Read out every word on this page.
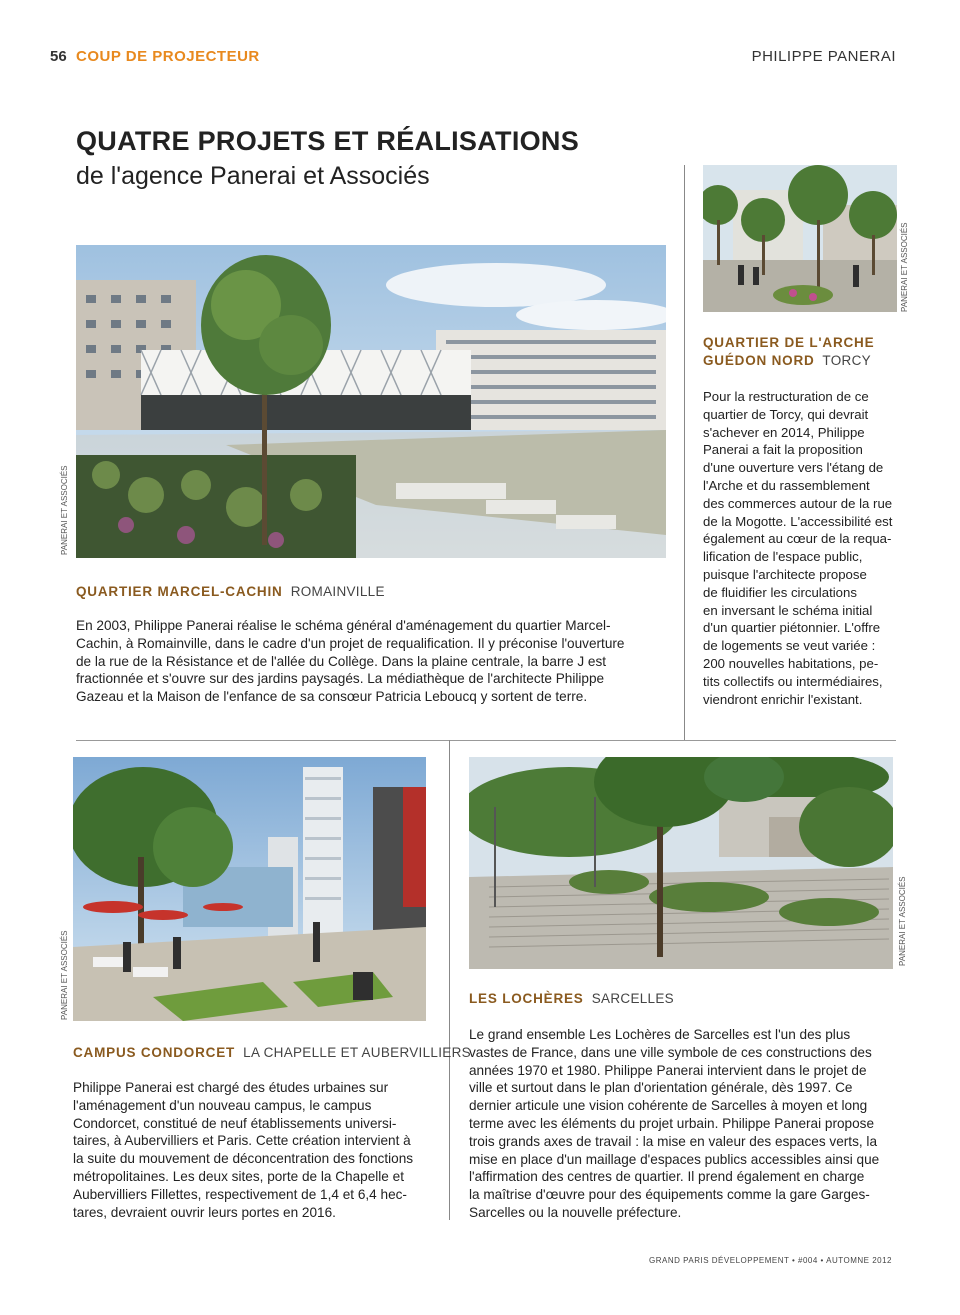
56 COUP DE PROJECTEUR	PHILIPPE PANERAI
QUATRE PROJETS ET RÉALISATIONS
de l'agence Panerai et Associés
PANERAI ET ASSOCIÉS
QUARTIER MARCEL-CACHIN ROMAINVILLE
En 2003, Philippe Panerai réalise le schéma général d'aménagement du quartier Marcel-
Cachin, à Romainville, dans le cadre d'un projet de requalification. Il y préconise l'ouverture
de la rue de la Résistance et de l'allée du Collège. Dans la plaine centrale, la barre J est
fractionnée et s'ouvre sur des jardins paysagés. La médiathèque de l'architecte Philippe
Gazeau et la Maison de l'enfance de sa consœur Patricia Leboucq y sortent de terre.
PANERAI ET ASSOCIÉS
QUARTIER DE L'ARCHE
GUÉDON NORD TORCY
Pour la restructuration de ce
quartier de Torcy, qui devrait
s'achever en 2014, Philippe
Panerai a fait la proposition
d'une ouverture vers l'étang de
l'Arche et du rassemblement
des commerces autour de la rue
de la Mogotte. L'accessibilité est
également au cœur de la requa-
lification de l'espace public,
puisque l'architecte propose
de fluidifier les circulations
en inversant le schéma initial
d'un quartier piétonnier. L'offre
de logements se veut variée :
200 nouvelles habitations, pe-
tits collectifs ou intermédiaires,
viendront enrichir l'existant.
PANERAI ET ASSOCIÉS
CAMPUS CONDORCET LA CHAPELLE ET AUBERVILLIERS
Philippe Panerai est chargé des études urbaines sur
l'aménagement d'un nouveau campus, le campus
Condorcet, constitué de neuf établissements universi-
taires, à Aubervilliers et Paris. Cette création intervient à
la suite du mouvement de déconcentration des fonctions
métropolitaines. Les deux sites, porte de la Chapelle et
Aubervilliers Fillettes, respectivement de 1,4 et 6,4 hec-
tares, devraient ouvrir leurs portes en 2016.
PANERAI ET ASSOCIÉS
LES LOCHÈRES SARCELLES
Le grand ensemble Les Lochères de Sarcelles est l'un des plus
vastes de France, dans une ville symbole de ces constructions des
années 1970 et 1980. Philippe Panerai intervient dans le projet de
ville et surtout dans le plan d'orientation générale, dès 1997. Ce
dernier articule une vision cohérente de Sarcelles à moyen et long
terme avec les éléments du projet urbain. Philippe Panerai propose
trois grands axes de travail : la mise en valeur des espaces verts, la
mise en place d'un maillage d'espaces publics accessibles ainsi que
l'affirmation des centres de quartier. Il prend également en charge
la maîtrise d'œuvre pour des équipements comme la gare Garges-
Sarcelles ou la nouvelle préfecture.
GRAND PARIS DÉVELOPPEMENT • #004 • AUTOMNE 2012
